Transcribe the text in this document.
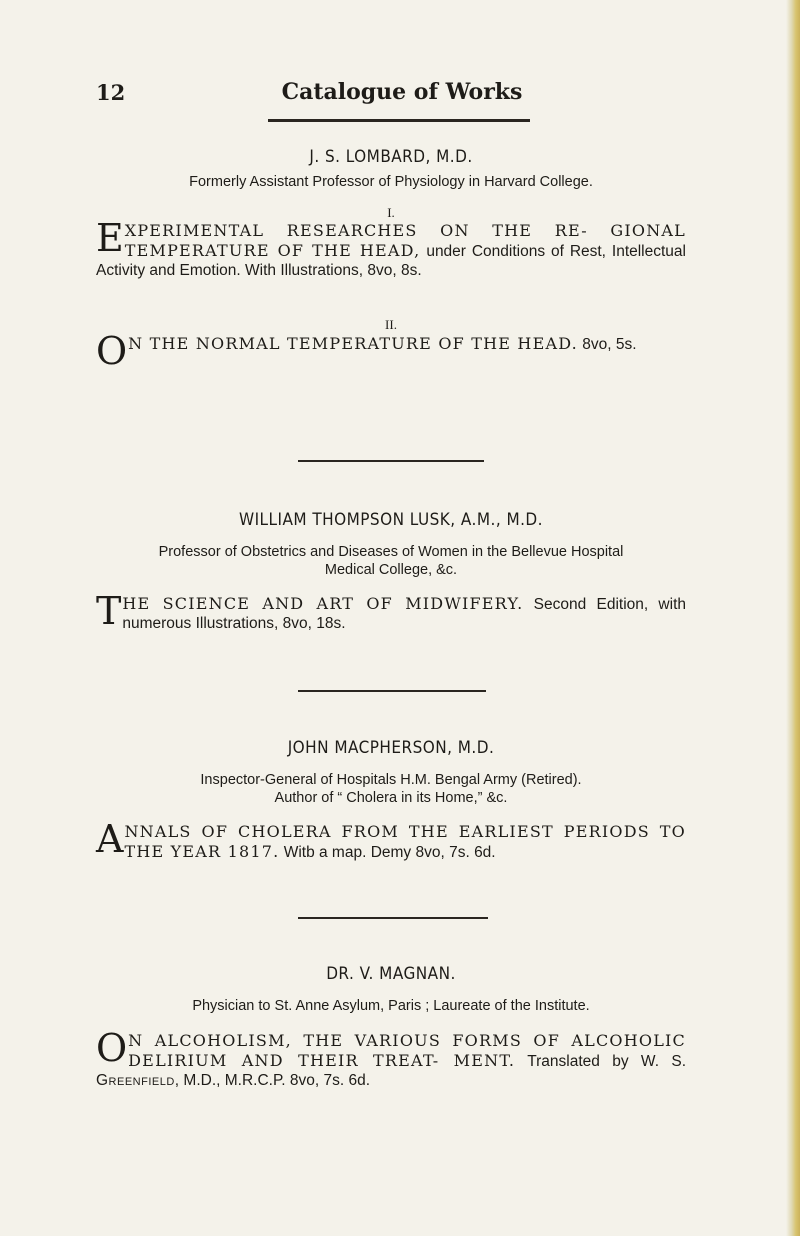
12	Catalogue of Works
J. S. LOMBARD, M.D.
Formerly Assistant Professor of Physiology in Harvard College.
I.
EXPERIMENTAL RESEARCHES ON THE RE- GIONAL TEMPERATURE OF THE HEAD, under Conditions of Rest, Intellectual Activity and Emotion. With Illustrations, 8vo, 8s.
II.
O N THE NORMAL TEMPERATURE OF THE HEAD. 8vo, 5s.
WILLIAM THOMPSON LUSK, A.M., M.D.
Professor of Obstetrics and Diseases of Women in the Bellevue Hospital
Medical College, &c.
THE SCIENCE AND ART OF MIDWIFERY. Second Edition, with numerous Illustrations, 8vo, 18s.
JOHN MACPHERSON, M.D.
Inspector-General of Hospitals H.M. Bengal Army (Retired).
Author of “ Cholera in its Home,” &c.
ANNALS OF CHOLERA FROM THE EARLIEST PERIODS TO THE YEAR 1817. Witb a map. Demy 8vo, 7s. 6d.
DR. V. MAGNAN.
Physician to St. Anne Asylum, Paris ; Laureate of the Institute.
O N ALCOHOLISM, THE VARIOUS FORMS OF ALCOHOLIC DELIRIUM AND THEIR TREAT- MENT. Translated by W. S. Greenfield, M.D., M.R.C.P. 8vo, 7s. 6d.
